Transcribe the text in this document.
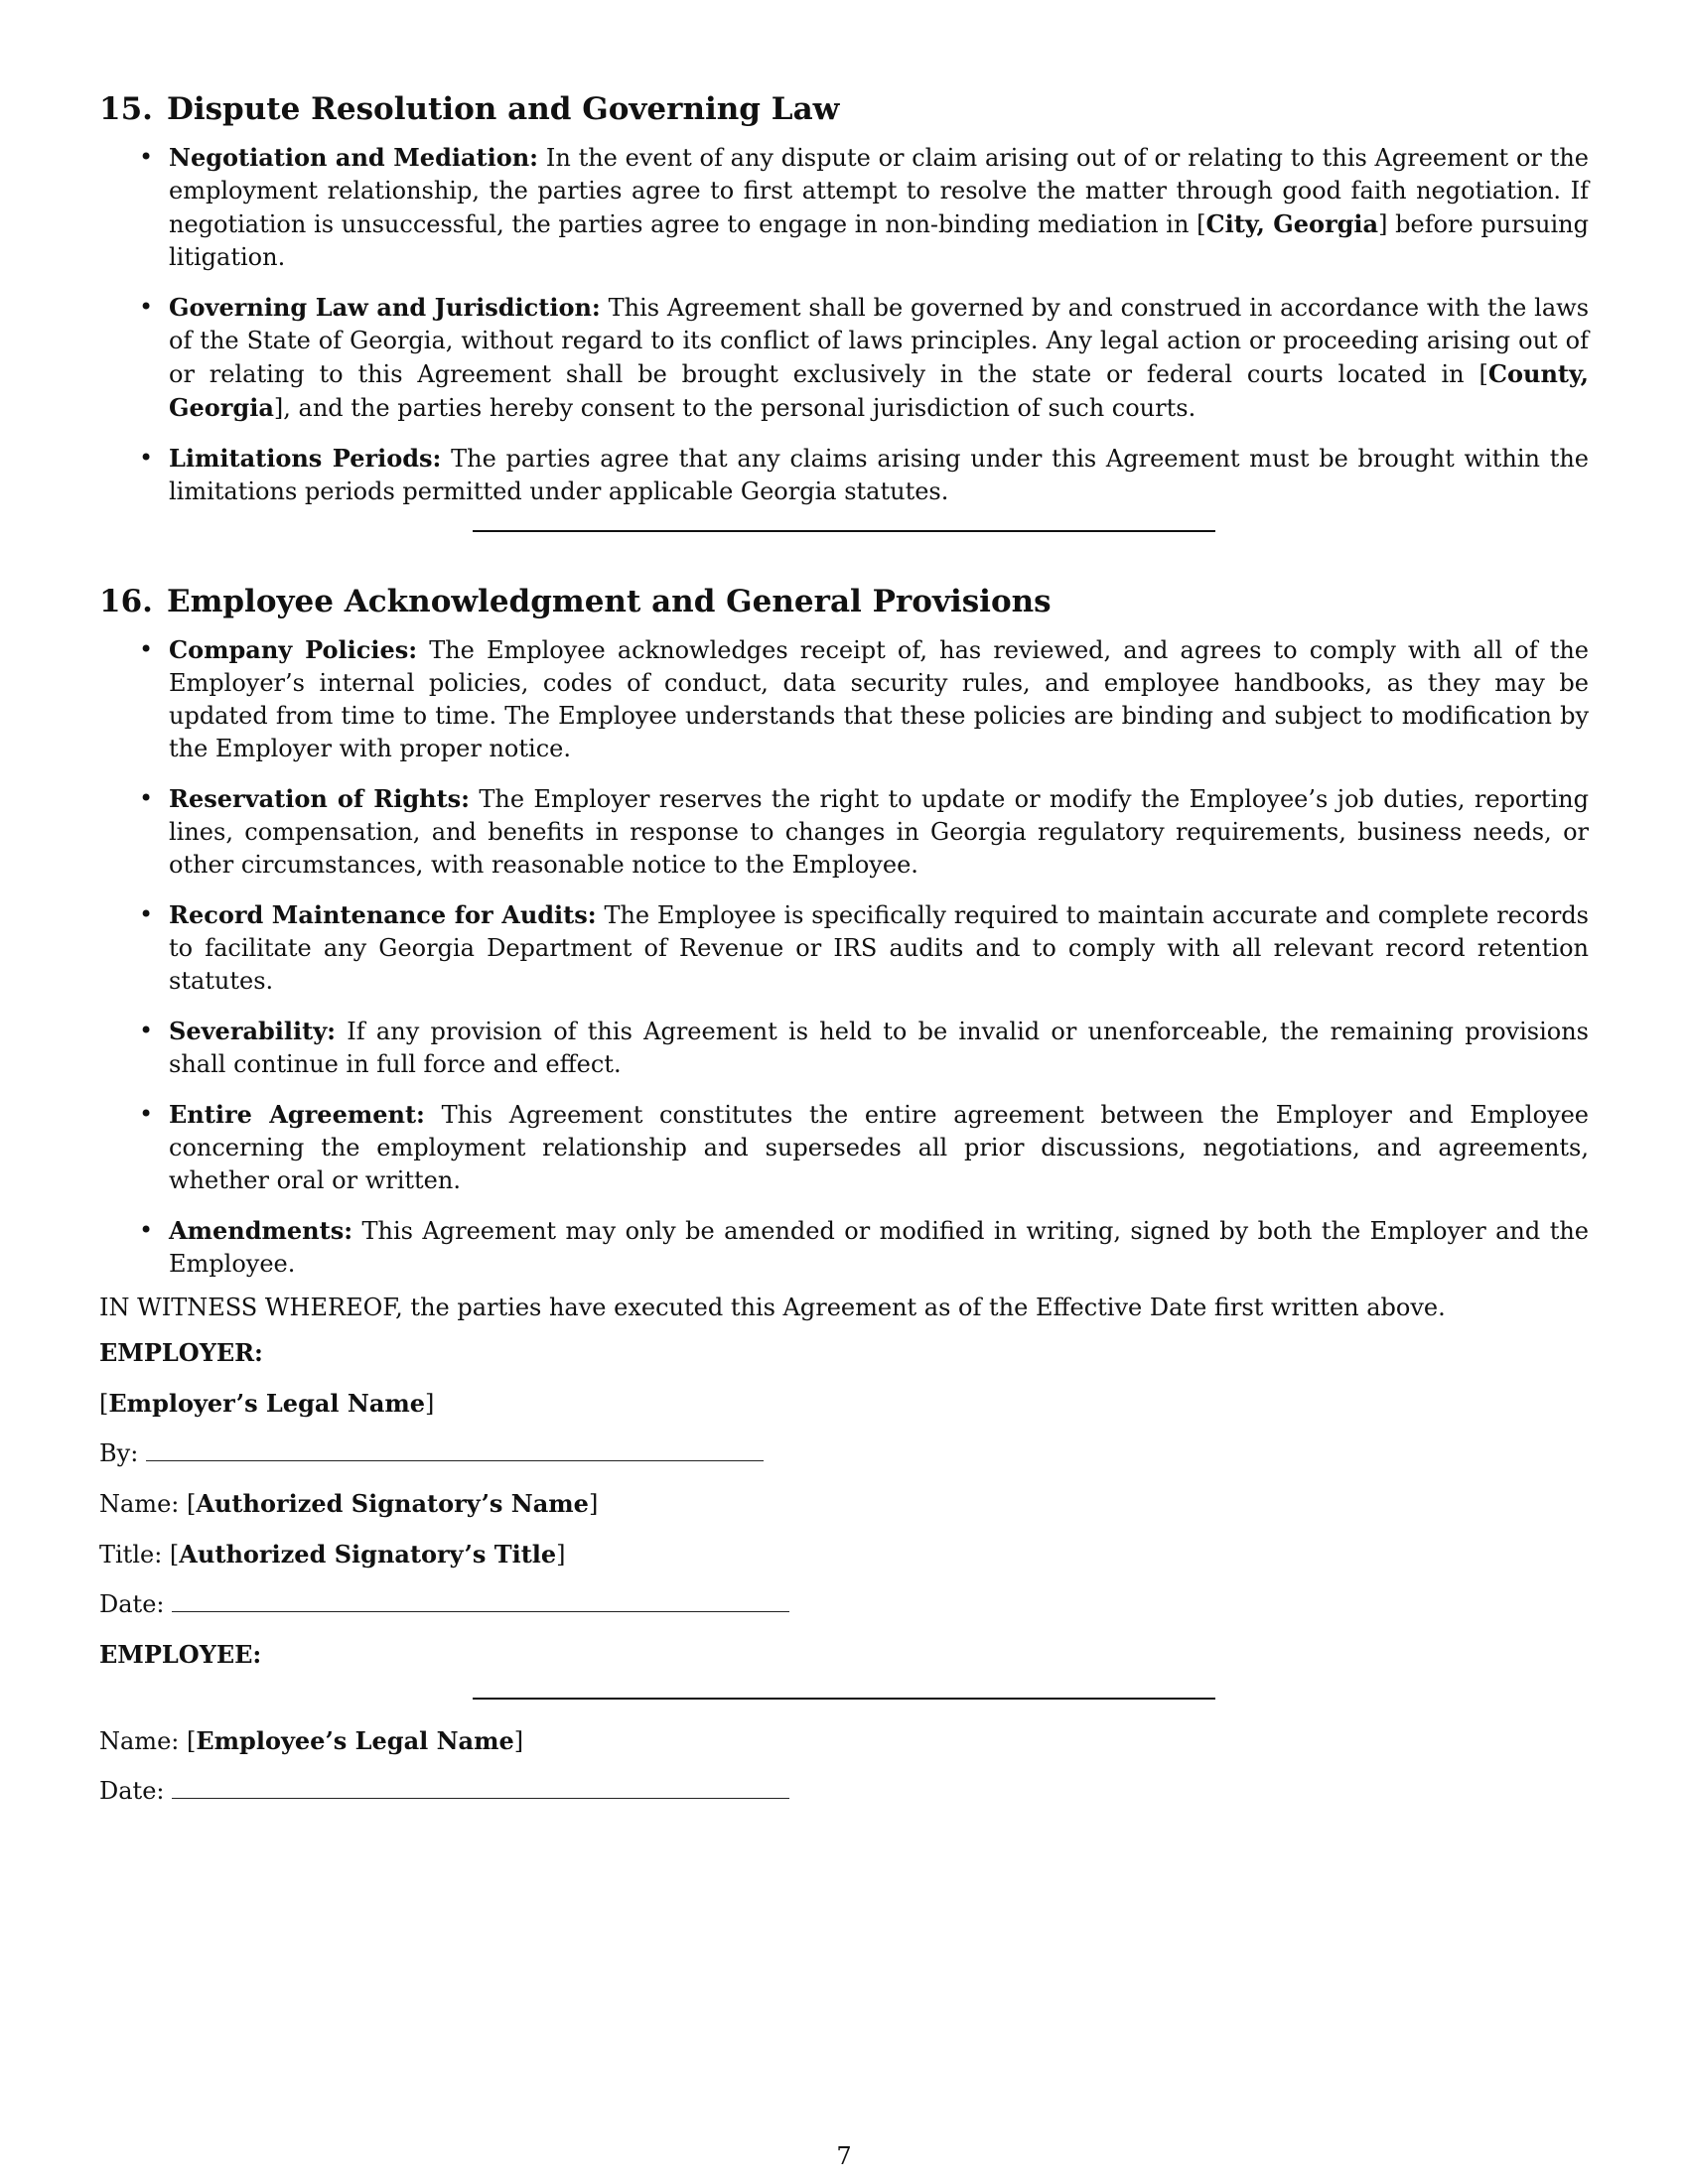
15. Dispute Resolution and Governing Law
• Negotiation and Mediation: In the event of any dispute or claim arising out of or relating to this Agreement or the employment relationship, the parties agree to first attempt to resolve the matter through good faith negotiation. If negotiation is unsuccessful, the parties agree to engage in non-binding mediation in [City, Georgia] before pursuing litigation.
• Governing Law and Jurisdiction: This Agreement shall be governed by and construed in accordance with the laws of the State of Georgia, without regard to its conflict of laws principles. Any legal action or proceeding arising out of or relating to this Agreement shall be brought exclusively in the state or federal courts located in [County, Georgia], and the parties hereby consent to the personal jurisdiction of such courts.
• Limitations Periods: The parties agree that any claims arising under this Agreement must be brought within the limitations periods permitted under applicable Georgia statutes.
16. Employee Acknowledgment and General Provisions
• Company Policies: The Employee acknowledges receipt of, has reviewed, and agrees to comply with all of the Employer’s internal policies, codes of conduct, data security rules, and employee handbooks, as they may be updated from time to time. The Employee understands that these policies are binding and subject to modification by the Employer with proper notice.
• Reservation of Rights: The Employer reserves the right to update or modify the Employee’s job duties, reporting lines, compensation, and benefits in response to changes in Georgia regulatory requirements, business needs, or other circumstances, with reasonable notice to the Employee.
• Record Maintenance for Audits: The Employee is specifically required to maintain accurate and complete records to facilitate any Georgia Department of Revenue or IRS audits and to comply with all relevant record retention statutes.
• Severability: If any provision of this Agreement is held to be invalid or unenforceable, the remaining provisions shall continue in full force and effect.
• Entire Agreement: This Agreement constitutes the entire agreement between the Employer and Employee concerning the employment relationship and supersedes all prior discussions, negotiations, and agreements, whether oral or written.
• Amendments: This Agreement may only be amended or modified in writing, signed by both the Employer and the Employee.

IN WITNESS WHEREOF, the parties have executed this Agreement as of the Effective Date first written above.

EMPLOYER:
[Employer’s Legal Name]
By:
Name: [Authorized Signatory’s Name]
Title: [Authorized Signatory’s Title]
Date:
EMPLOYEE:
Name: [Employee’s Legal Name]
Date:
7
